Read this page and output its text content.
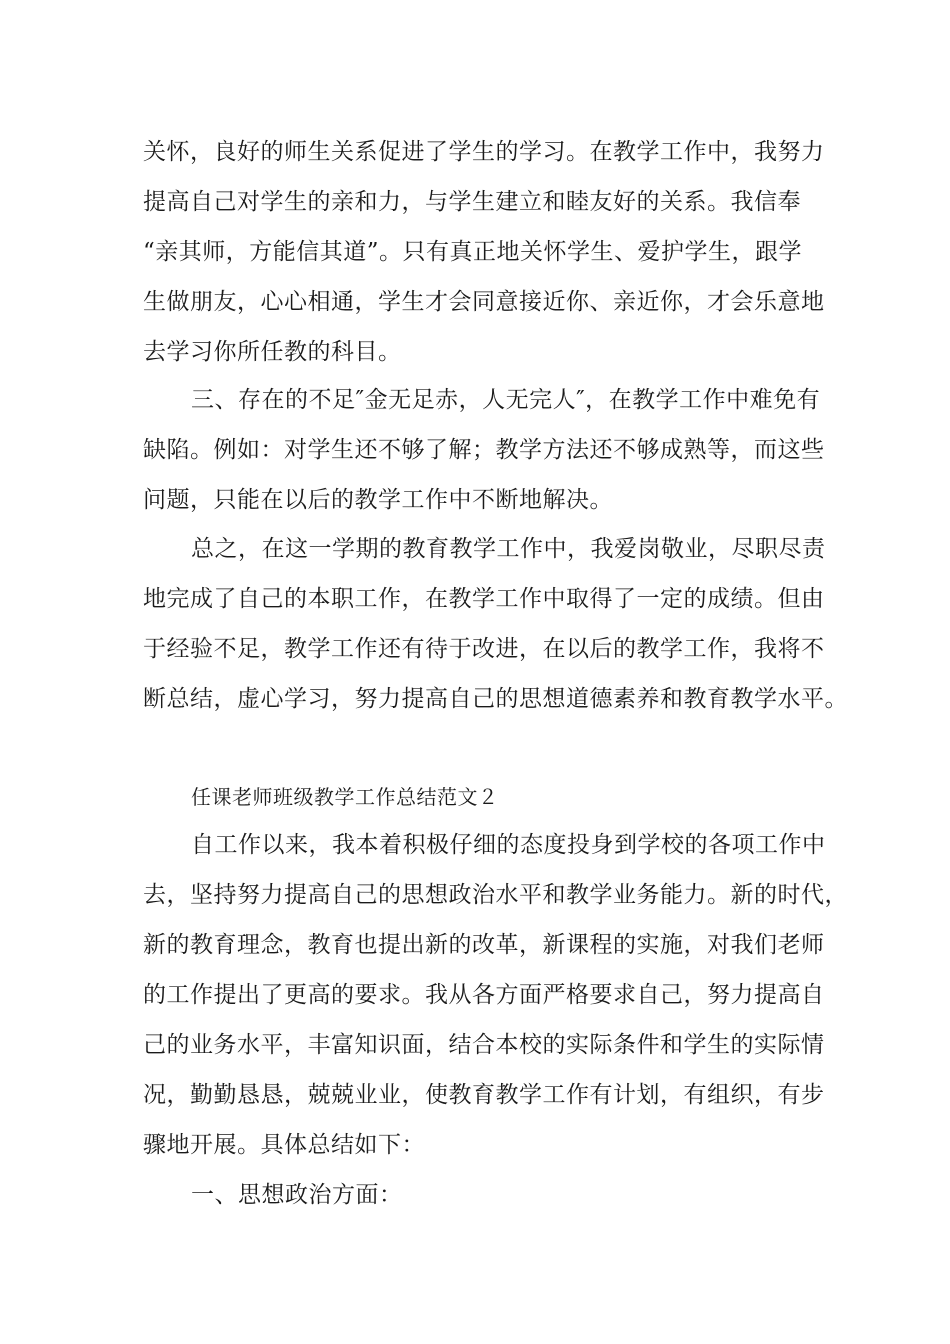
关怀，良好的师生关系促进了学生的学习。在教学工作中，我努力
提高自己对学生的亲和力，与学生建立和睦友好的关系。我信奉
“亲其师，方能信其道”。只有真正地关怀学生、爱护学生，跟学
生做朋友，心心相通，学生才会同意接近你、亲近你，才会乐意地
去学习你所任教的科目。
三、存在的不足″金无足赤，人无完人″，在教学工作中难免有
缺陷。例如：对学生还不够了解；教学方法还不够成熟等，而这些
问题，只能在以后的教学工作中不断地解决。
总之，在这一学期的教育教学工作中，我爱岗敬业，尽职尽责
地完成了自己的本职工作，在教学工作中取得了一定的成绩。但由
于经验不足，教学工作还有待于改进，在以后的教学工作，我将不
断总结，虚心学习，努力提高自己的思想道德素养和教育教学水平。
任课老师班级教学工作总结范文２
自工作以来，我本着积极仔细的态度投身到学校的各项工作中
去，坚持努力提高自己的思想政治水平和教学业务能力。新的时代，
新的教育理念，教育也提出新的改革，新课程的实施，对我们老师
的工作提出了更高的要求。我从各方面严格要求自己，努力提高自
己的业务水平，丰富知识面，结合本校的实际条件和学生的实际情
况，勤勤恳恳，兢兢业业，使教育教学工作有计划，有组织，有步
骤地开展。具体总结如下：
一、思想政治方面：
